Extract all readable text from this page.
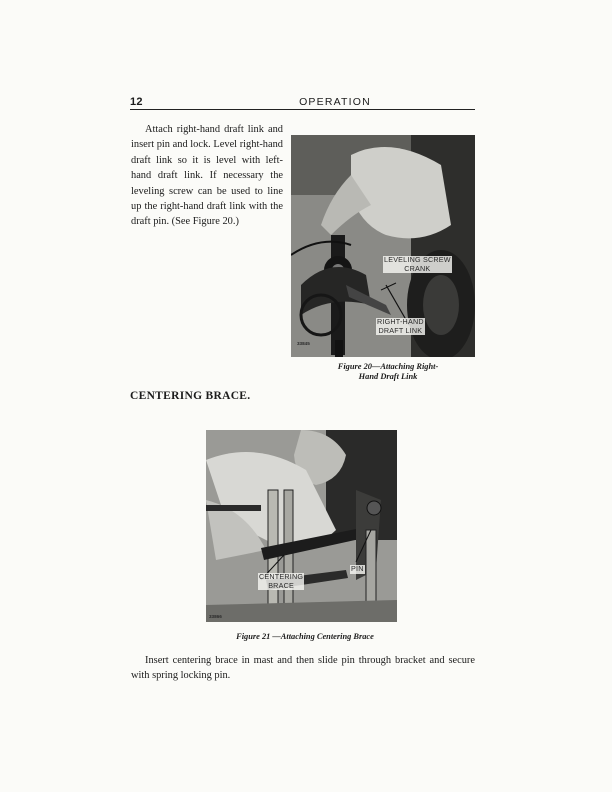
12	OPERATION

Attach right-hand draft link and insert pin and lock. Level right-hand draft link so it is level with left-hand draft link. If necessary the leveling screw can be used to line up the right-hand draft link with the draft pin. (See Figure 20.)

LEVELING SCREW
CRANK
RIGHT-HAND
DRAFT LINK
33845
Figure 20—Attaching Right-
Hand Draft Link
CENTERING BRACE.
PIN
CENTERING
BRACE
33866
Figure 21 —Attaching Centering Brace

Insert centering brace in mast and then slide pin through bracket and secure with spring locking pin.
